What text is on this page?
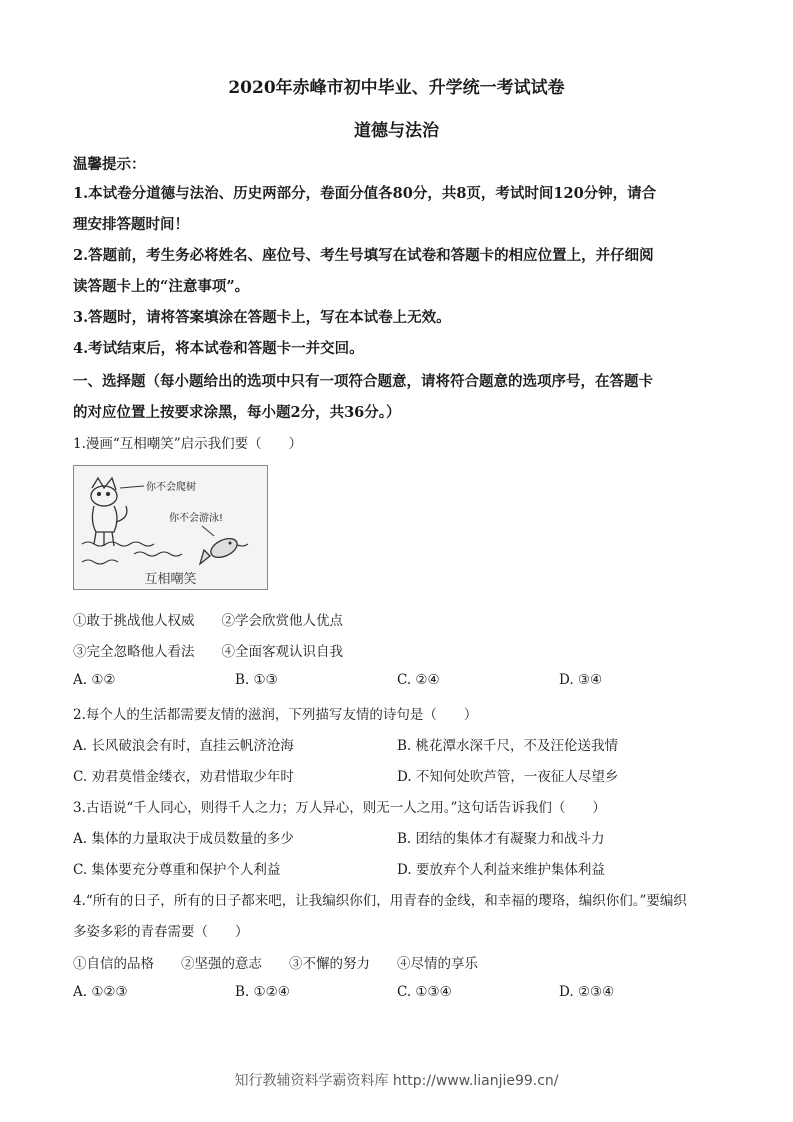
2020年赤峰市初中毕业、升学统一考试试卷
道德与法治
温馨提示：
1.本试卷分道德与法治、历史两部分，卷面分值各80分，共8页，考试时间120分钟，请合
理安排答题时间！
2.答题前，考生务必将姓名、座位号、考生号填写在试卷和答题卡的相应位置上，并仔细阅
读答题卡上的“注意事项”。
3.答题时，请将答案填涂在答题卡上，写在本试卷上无效。
4.考试结束后，将本试卷和答题卡一并交回。
一、选择题（每小题给出的选项中只有一项符合题意，请将符合题意的选项序号，在答题卡
的对应位置上按要求涂黑，每小题2分，共36分。）
1.漫画“互相嘲笑”启示我们要（　　）
你不会爬树
你不会游泳!
互相嘲笑
①敢于挑战他人权威　　②学会欣赏他人优点
③完全忽略他人看法　　④全面客观认识自我
A. ①②	B. ①③	C. ②④	D. ③④
2.每个人的生活都需要友情的滋润，下列描写友情的诗句是（　　）
A. 长风破浪会有时，直挂云帆济沧海	B. 桃花潭水深千尺，不及汪伦送我情
C. 劝君莫惜金缕衣，劝君惜取少年时	D. 不知何处吹芦管，一夜征人尽望乡
3.古语说“千人同心，则得千人之力；万人异心，则无一人之用。”这句话告诉我们（　　）
A. 集体的力量取决于成员数量的多少	B. 团结的集体才有凝聚力和战斗力
C. 集体要充分尊重和保护个人利益	D. 要放弃个人利益来维护集体利益
4.“所有的日子，所有的日子都来吧，让我编织你们，用青春的金线，和幸福的璎珞，编织你们。”要编织
多姿多彩的青春需要（　　）
①自信的品格　　②坚强的意志　　③不懈的努力　　④尽情的享乐
A. ①②③	B. ①②④	C. ①③④	D. ②③④
知行教辅资料学霸资料库 http://www.lianjie99.cn/
